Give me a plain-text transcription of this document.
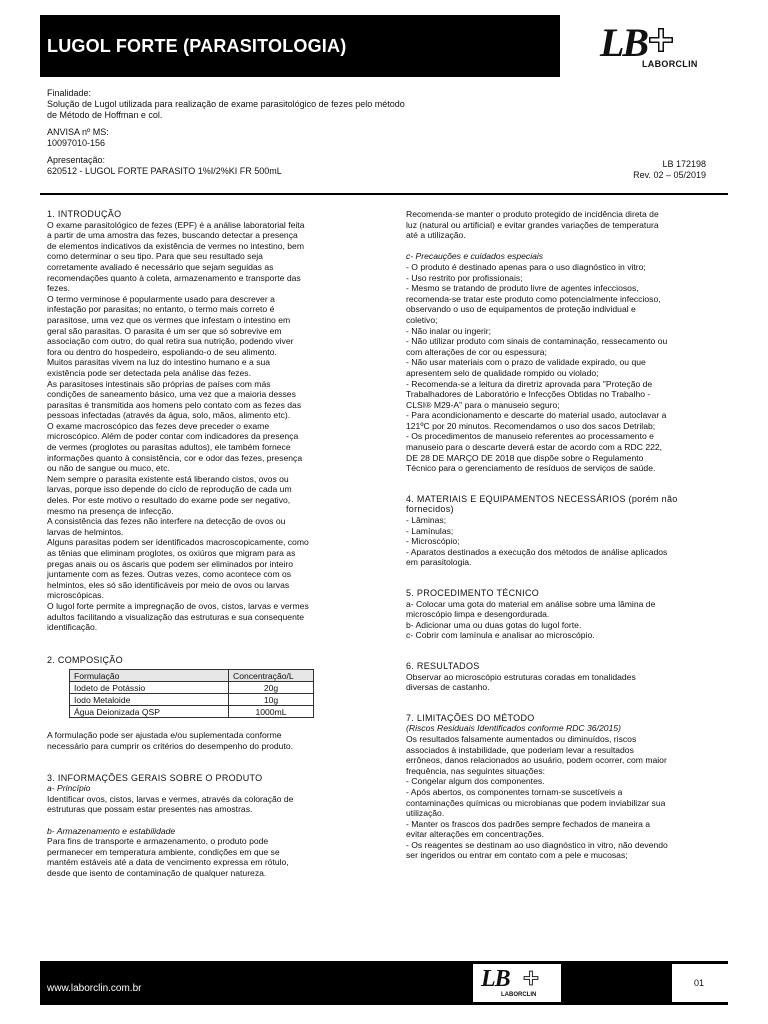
LUGOL FORTE (PARASITOLOGIA)	LB
LABORCLIN

Finalidade:

Solução de Lugol utilizada para realização de exame parasitológico de fezes pelo método

de Método de Hoffman e col.

ANVISA nº MS:

10097010-156

Apresentação:

620512 - LUGOL FORTE PARASITO 1%I/2%KI FR 500mL

LB 172198

Rev. 02 – 05/2019

1. INTRODUÇÃO

O exame parasitológico de fezes (EPF) é a análise laboratorial feita

a partir de uma amostra das fezes, buscando detectar a presença

de elementos indicativos da existência de vermes no intestino, bem

como determinar o seu tipo. Para que seu resultado seja

corretamente avaliado é necessário que sejam seguidas as

recomendações quanto à coleta, armazenamento e transporte das

fezes.

O termo verminose é popularmente usado para descrever a

infestação por parasitas; no entanto, o termo mais correto é

parasitose, uma vez que os vermes que infestam o intestino em

geral são parasitas. O parasita é um ser que só sobrevive em

associação com outro, do qual retira sua nutrição, podendo viver

fora ou dentro do hospedeiro, espoliando-o de seu alimento.

Muitos parasitas vivem na luz do intestino humano e a sua

existência pode ser detectada pela análise das fezes.

As parasitoses intestinais são próprias de países com más

condições de saneamento básico, uma vez que a maioria desses

parasitas é transmitida aos homens pelo contato com as fezes das

pessoas infectadas (através da água, solo, mãos, alimento etc).

O exame macroscópico das fezes deve preceder o exame

microscópico. Além de poder contar com indicadores da presença

de vermes (proglotes ou parasitas adultos), ele também fornece

informações quanto à consistência, cor e odor das fezes, presença

ou não de sangue ou muco, etc.

Nem sempre o parasita existente está liberando cistos, ovos ou

larvas, porque isso depende do ciclo de reprodução de cada um

deles. Por este motivo o resultado do exame pode ser negativo,

mesmo na presença de infecção.

A consistência das fezes não interfere na detecção de ovos ou

larvas de helmintos.

Alguns parasitas podem ser identificados macroscopicamente, como

as tênias que eliminam proglotes, os oxiúros que migram para as

pregas anais ou os áscaris que podem ser eliminados por inteiro

juntamente com as fezes. Outras vezes, como acontece com os

helmintos, eles só são identificáveis por meio de ovos ou larvas

microscópicas.

O lugol forte permite a impregnação de ovos, cistos, larvas e vermes

adultos facilitando a visualização das estruturas e sua consequente

identificação.

2. COMPOSIÇÃO

Formulação	Concentração/L
Iodeto de Potássio	20g
Iodo Metaloide	10g
Água Deionizada QSP	1000mL

A formulação pode ser ajustada e/ou suplementada conforme

necessário para cumprir os critérios do desempenho do produto.

3. INFORMAÇÕES GERAIS SOBRE O PRODUTO

a- Princípio

Identificar ovos, cistos, larvas e vermes, através da coloração de

estruturas que possam estar presentes nas amostras.

b- Armazenamento e estabilidade

Para fins de transporte e armazenamento, o produto pode

permanecer em temperatura ambiente, condições em que se

mantém estáveis até a data de vencimento expressa em rótulo,

desde que isento de contaminação de qualquer natureza.

Recomenda-se manter o produto protegido de incidência direta de

luz (natural ou artificial) e evitar grandes variações de temperatura

até a utilização.

c- Precauções e cuidados especiais

- O produto é destinado apenas para o uso diagnóstico in vitro;

- Uso restrito por profissionais;

- Mesmo se tratando de produto livre de agentes infecciosos,

recomenda-se tratar este produto como potencialmente infeccioso,

observando o uso de equipamentos de proteção individual e

coletivo;

- Não inalar ou ingerir;

- Não utilizar produto com sinais de contaminação, ressecamento ou

com alterações de cor ou espessura;

- Não usar materiais com o prazo de validade expirado, ou que

apresentem selo de qualidade rompido ou violado;

- Recomenda-se a leitura da diretriz aprovada para "Proteção de

Trabalhadores de Laboratório e Infecções Obtidas no Trabalho -

CLSI® M29-A" para o manuseio seguro;

- Para acondicionamento e descarte do material usado, autoclavar a

121ºC por 20 minutos. Recomendamos o uso dos sacos Detrilab;

- Os procedimentos de manuseio referentes ao processamento e

manuseio para o descarte deverá estar de acordo com a RDC 222,

DE 28 DE MARÇO DE 2018 que dispõe sobre o Regulamento

Técnico para o gerenciamento de resíduos de serviços de saúde.

4. MATERIAIS E EQUIPAMENTOS NECESSÁRIOS (porém não

fornecidos)

- Lâminas;

- Lamínulas;

- Microscópio;

- Aparatos destinados a execução dos métodos de análise aplicados

em parasitologia.

5. PROCEDIMENTO TÉCNICO

a- Colocar uma gota do material em análise sobre uma lâmina de

microscópio limpa e desengordurada.

b- Adicionar uma ou duas gotas do lugol forte.

c- Cobrir com lamínula e analisar ao microscópio.

6. RESULTADOS

Observar ao microscópio estruturas coradas em tonalidades

diversas de castanho.

7. LIMITAÇÕES DO MÉTODO

(Riscos Residuais Identificados conforme RDC 36/2015)

Os resultados falsamente aumentados ou diminuídos, riscos

associados à instabilidade, que poderiam levar a resultados

errôneos, danos relacionados ao usuário, podem ocorrer, com maior

frequência, nas seguintes situações:

- Congelar algum dos componentes.

- Após abertos, os componentes tornam-se suscetíveis a

contaminações químicas ou microbianas que podem inviabilizar sua

utilização.

- Manter os frascos dos padrões sempre fechados de maneira a

evitar alterações em concentrações.

- Os reagentes se destinam ao uso diagnóstico in vitro, não devendo

ser ingeridos ou entrar em contato com a pele e mucosas;

www.laborclin.com.br	LB
LABORCLIN
01
